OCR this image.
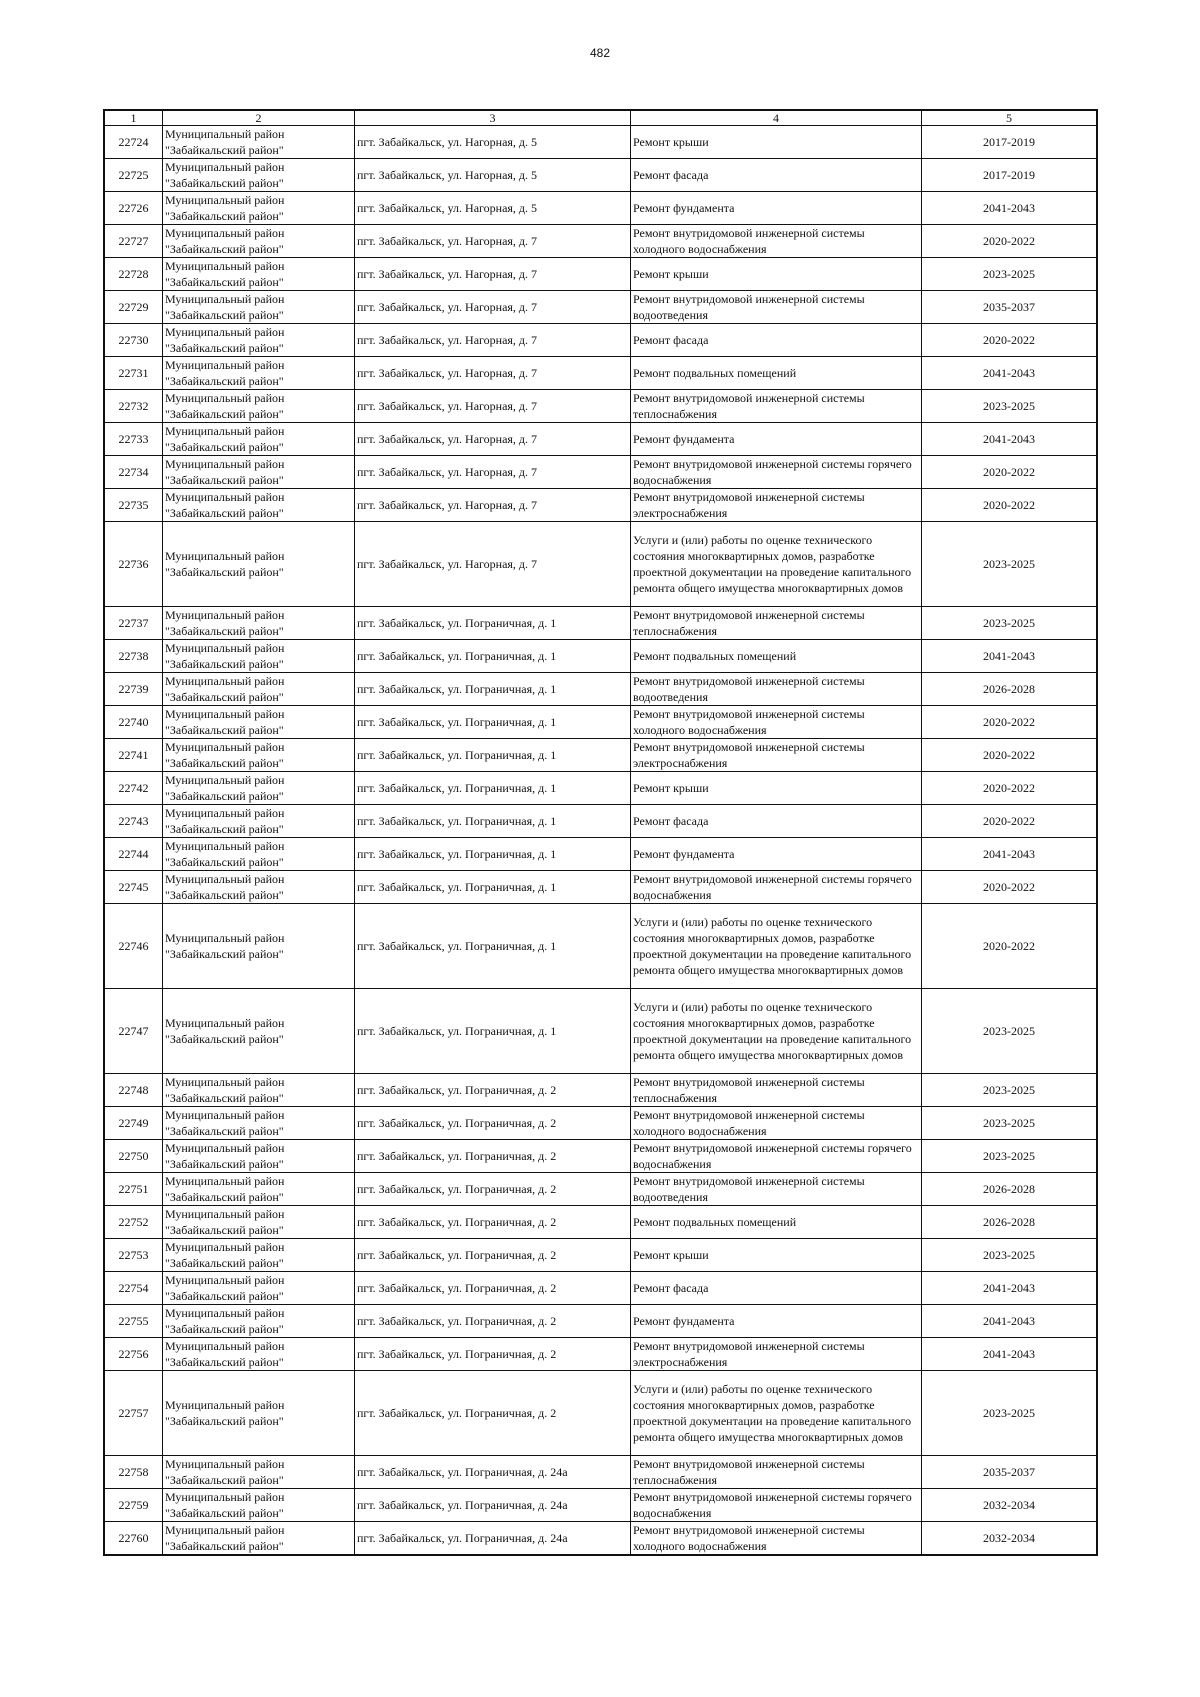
482
1	2	3	4	5
22724	Муниципальный район "Забайкальский район"	пгт. Забайкальск, ул. Нагорная, д. 5	Ремонт крыши	2017-2019
22725	Муниципальный район "Забайкальский район"	пгт. Забайкальск, ул. Нагорная, д. 5	Ремонт фасада	2017-2019
22726	Муниципальный район "Забайкальский район"	пгт. Забайкальск, ул. Нагорная, д. 5	Ремонт фундамента	2041-2043
22727	Муниципальный район "Забайкальский район"	пгт. Забайкальск, ул. Нагорная, д. 7	Ремонт внутридомовой инженерной системы холодного водоснабжения	2020-2022
22728	Муниципальный район "Забайкальский район"	пгт. Забайкальск, ул. Нагорная, д. 7	Ремонт крыши	2023-2025
22729	Муниципальный район "Забайкальский район"	пгт. Забайкальск, ул. Нагорная, д. 7	Ремонт внутридомовой инженерной системы водоотведения	2035-2037
22730	Муниципальный район "Забайкальский район"	пгт. Забайкальск, ул. Нагорная, д. 7	Ремонт фасада	2020-2022
22731	Муниципальный район "Забайкальский район"	пгт. Забайкальск, ул. Нагорная, д. 7	Ремонт подвальных помещений	2041-2043
22732	Муниципальный район "Забайкальский район"	пгт. Забайкальск, ул. Нагорная, д. 7	Ремонт внутридомовой инженерной системы теплоснабжения	2023-2025
22733	Муниципальный район "Забайкальский район"	пгт. Забайкальск, ул. Нагорная, д. 7	Ремонт фундамента	2041-2043
22734	Муниципальный район "Забайкальский район"	пгт. Забайкальск, ул. Нагорная, д. 7	Ремонт внутридомовой инженерной системы горячего водоснабжения	2020-2022
22735	Муниципальный район "Забайкальский район"	пгт. Забайкальск, ул. Нагорная, д. 7	Ремонт внутридомовой инженерной системы электроснабжения	2020-2022
22736	Муниципальный район "Забайкальский район"	пгт. Забайкальск, ул. Нагорная, д. 7	Услуги и (или) работы по оценке технического состояния многоквартирных домов, разработке проектной документации на проведение капитального ремонта общего имущества многоквартирных домов	2023-2025
22737	Муниципальный район "Забайкальский район"	пгт. Забайкальск, ул. Пограничная, д. 1	Ремонт внутридомовой инженерной системы теплоснабжения	2023-2025
22738	Муниципальный район "Забайкальский район"	пгт. Забайкальск, ул. Пограничная, д. 1	Ремонт подвальных помещений	2041-2043
22739	Муниципальный район "Забайкальский район"	пгт. Забайкальск, ул. Пограничная, д. 1	Ремонт внутридомовой инженерной системы водоотведения	2026-2028
22740	Муниципальный район "Забайкальский район"	пгт. Забайкальск, ул. Пограничная, д. 1	Ремонт внутридомовой инженерной системы холодного водоснабжения	2020-2022
22741	Муниципальный район "Забайкальский район"	пгт. Забайкальск, ул. Пограничная, д. 1	Ремонт внутридомовой инженерной системы электроснабжения	2020-2022
22742	Муниципальный район "Забайкальский район"	пгт. Забайкальск, ул. Пограничная, д. 1	Ремонт крыши	2020-2022
22743	Муниципальный район "Забайкальский район"	пгт. Забайкальск, ул. Пограничная, д. 1	Ремонт фасада	2020-2022
22744	Муниципальный район "Забайкальский район"	пгт. Забайкальск, ул. Пограничная, д. 1	Ремонт фундамента	2041-2043
22745	Муниципальный район "Забайкальский район"	пгт. Забайкальск, ул. Пограничная, д. 1	Ремонт внутридомовой инженерной системы горячего водоснабжения	2020-2022
22746	Муниципальный район "Забайкальский район"	пгт. Забайкальск, ул. Пограничная, д. 1	Услуги и (или) работы по оценке технического состояния многоквартирных домов, разработке проектной документации на проведение капитального ремонта общего имущества многоквартирных домов	2020-2022
22747	Муниципальный район "Забайкальский район"	пгт. Забайкальск, ул. Пограничная, д. 1	Услуги и (или) работы по оценке технического состояния многоквартирных домов, разработке проектной документации на проведение капитального ремонта общего имущества многоквартирных домов	2023-2025
22748	Муниципальный район "Забайкальский район"	пгт. Забайкальск, ул. Пограничная, д. 2	Ремонт внутридомовой инженерной системы теплоснабжения	2023-2025
22749	Муниципальный район "Забайкальский район"	пгт. Забайкальск, ул. Пограничная, д. 2	Ремонт внутридомовой инженерной системы холодного водоснабжения	2023-2025
22750	Муниципальный район "Забайкальский район"	пгт. Забайкальск, ул. Пограничная, д. 2	Ремонт внутридомовой инженерной системы горячего водоснабжения	2023-2025
22751	Муниципальный район "Забайкальский район"	пгт. Забайкальск, ул. Пограничная, д. 2	Ремонт внутридомовой инженерной системы водоотведения	2026-2028
22752	Муниципальный район "Забайкальский район"	пгт. Забайкальск, ул. Пограничная, д. 2	Ремонт подвальных помещений	2026-2028
22753	Муниципальный район "Забайкальский район"	пгт. Забайкальск, ул. Пограничная, д. 2	Ремонт крыши	2023-2025
22754	Муниципальный район "Забайкальский район"	пгт. Забайкальск, ул. Пограничная, д. 2	Ремонт фасада	2041-2043
22755	Муниципальный район "Забайкальский район"	пгт. Забайкальск, ул. Пограничная, д. 2	Ремонт фундамента	2041-2043
22756	Муниципальный район "Забайкальский район"	пгт. Забайкальск, ул. Пограничная, д. 2	Ремонт внутридомовой инженерной системы электроснабжения	2041-2043
22757	Муниципальный район "Забайкальский район"	пгт. Забайкальск, ул. Пограничная, д. 2	Услуги и (или) работы по оценке технического состояния многоквартирных домов, разработке проектной документации на проведение капитального ремонта общего имущества многоквартирных домов	2023-2025
22758	Муниципальный район "Забайкальский район"	пгт. Забайкальск, ул. Пограничная, д. 24а	Ремонт внутридомовой инженерной системы теплоснабжения	2035-2037
22759	Муниципальный район "Забайкальский район"	пгт. Забайкальск, ул. Пограничная, д. 24а	Ремонт внутридомовой инженерной системы горячего водоснабжения	2032-2034
22760	Муниципальный район "Забайкальский район"	пгт. Забайкальск, ул. Пограничная, д. 24а	Ремонт внутридомовой инженерной системы холодного водоснабжения	2032-2034
